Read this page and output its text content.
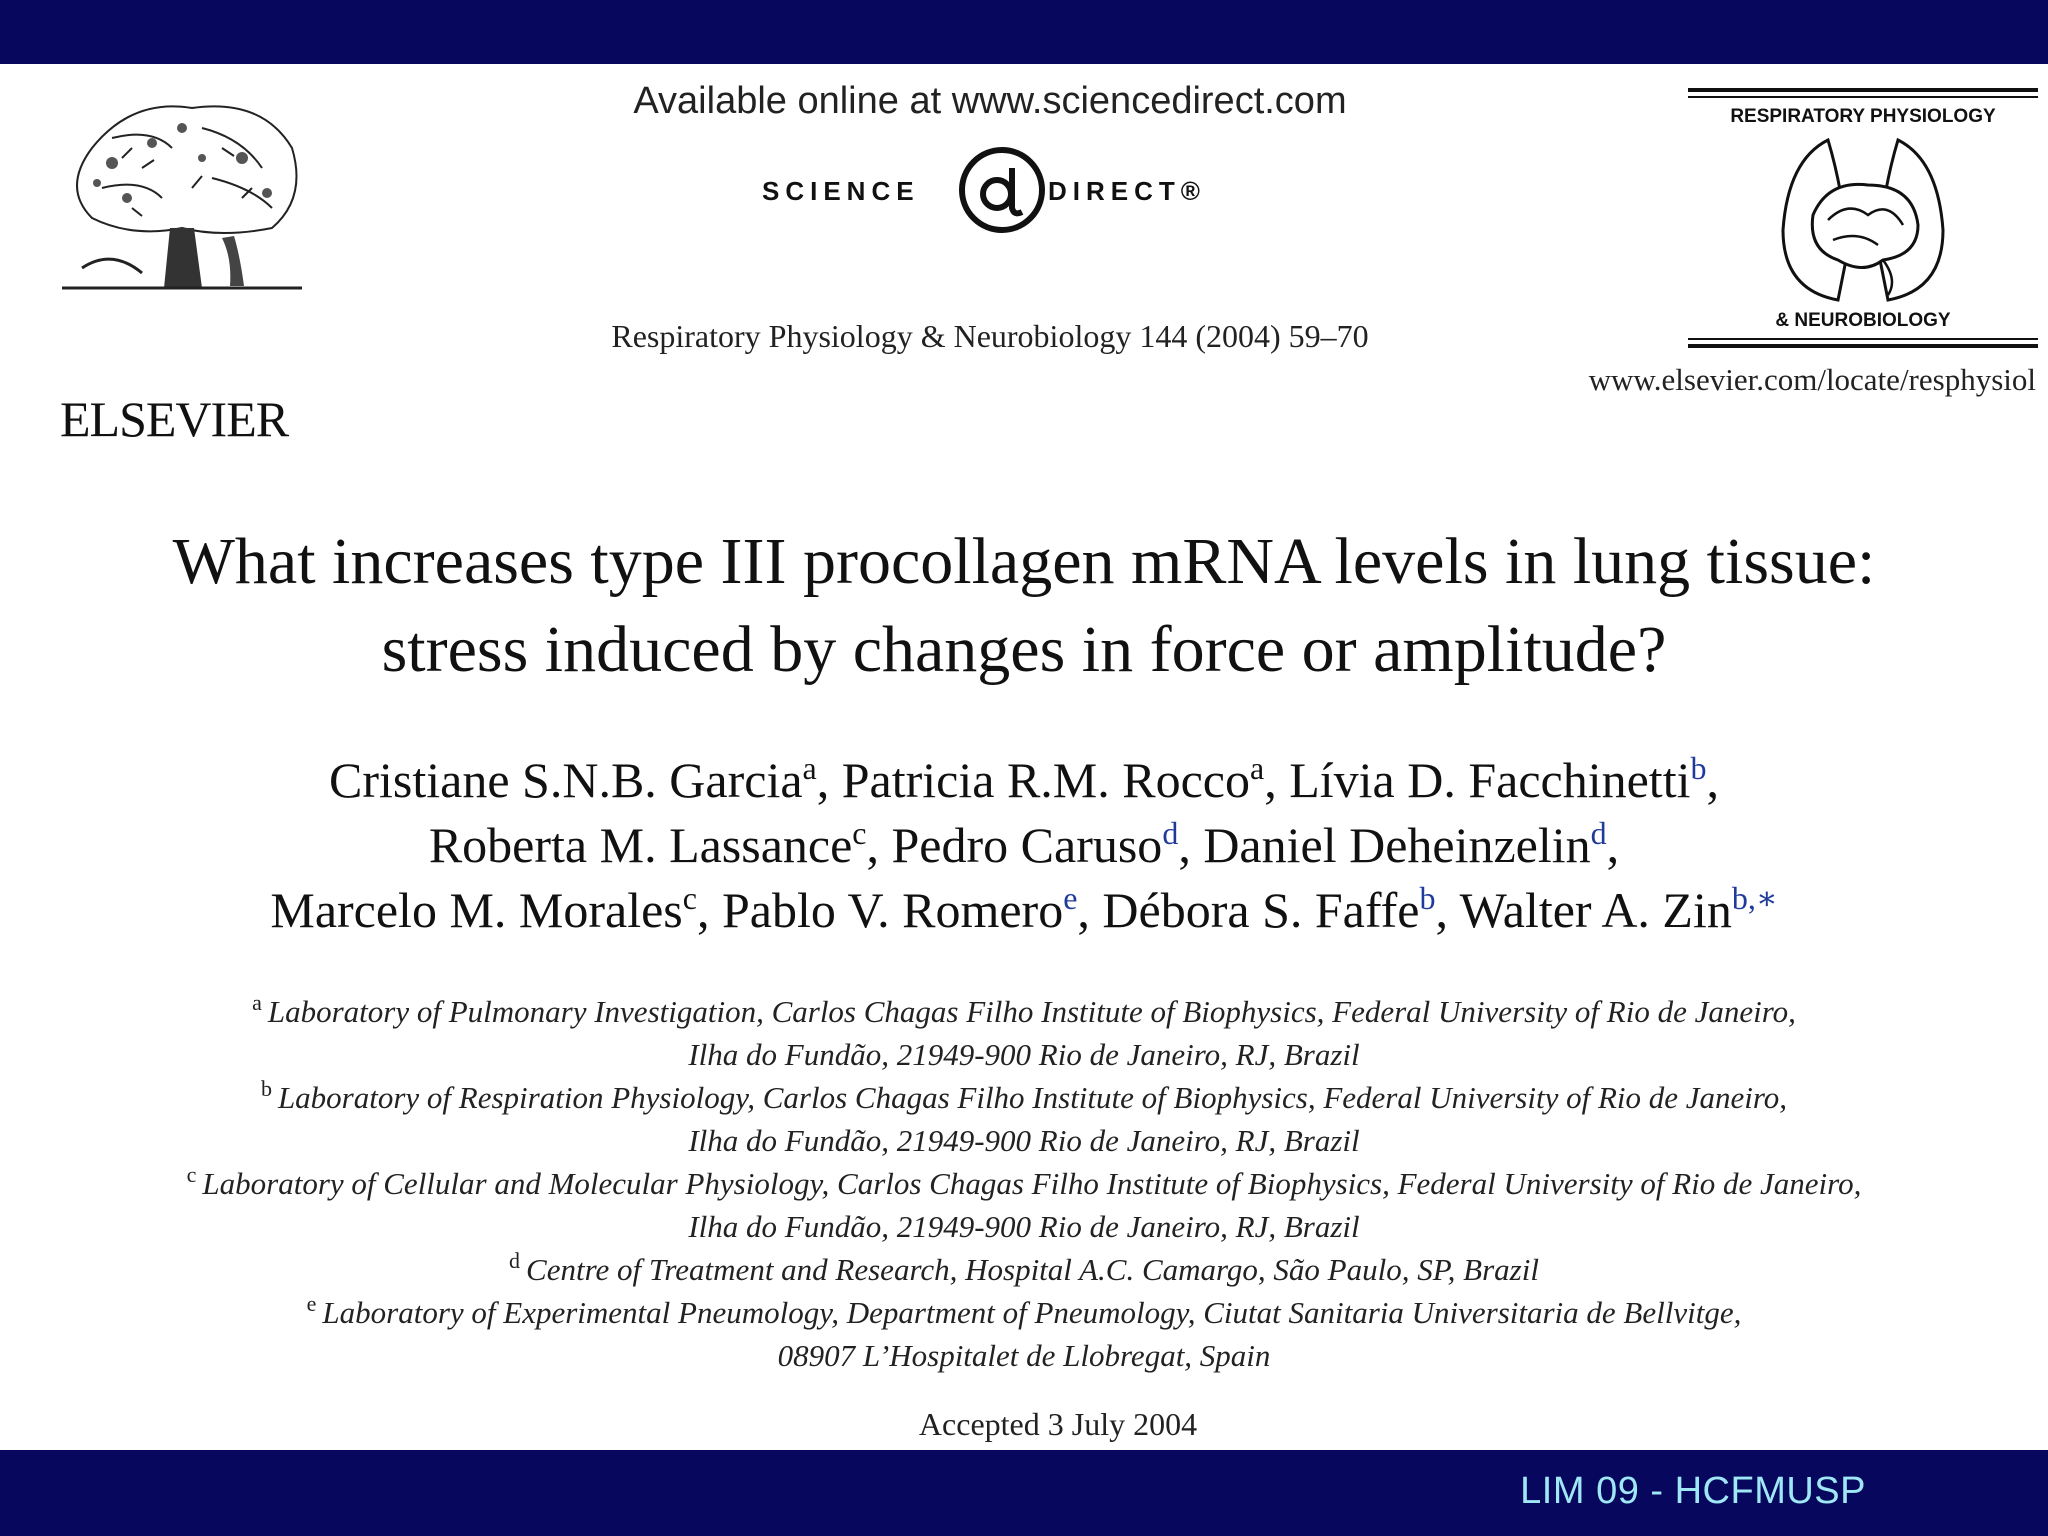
ELSEVIER
Available online at www.sciencedirect.com
SCIENCE	DIRECT®
Respiratory Physiology & Neurobiology 144 (2004) 59–70
RESPIRATORY PHYSIOLOGY
& NEUROBIOLOGY
www.elsevier.com/locate/resphysiol
What increases type III procollagen mRNA levels in lung tissue:
stress induced by changes in force or amplitude?
Cristiane S.N.B. Garcia$^a$, Patricia R.M. Rocco$^a$, Lívia D. Facchinetti$^b$,
Roberta M. Lassance$^c$, Pedro Caruso$^d$, Daniel Deheinzelin$^d$,
Marcelo M. Morales$^c$, Pablo V. Romero$^e$, Débora S. Faffe$^b$, Walter A. Zin$^{b,∗}$
$^a$ Laboratory of Pulmonary Investigation, Carlos Chagas Filho Institute of Biophysics, Federal University of Rio de Janeiro,
Ilha do Fundão, 21949-900 Rio de Janeiro, RJ, Brazil
$^b$ Laboratory of Respiration Physiology, Carlos Chagas Filho Institute of Biophysics, Federal University of Rio de Janeiro,
Ilha do Fundão, 21949-900 Rio de Janeiro, RJ, Brazil
$^c$ Laboratory of Cellular and Molecular Physiology, Carlos Chagas Filho Institute of Biophysics, Federal University of Rio de Janeiro,
Ilha do Fundão, 21949-900 Rio de Janeiro, RJ, Brazil
$^d$ Centre of Treatment and Research, Hospital A.C. Camargo, São Paulo, SP, Brazil
$^e$ Laboratory of Experimental Pneumology, Department of Pneumology, Ciutat Sanitaria Universitaria de Bellvitge,
08907 L’Hospitalet de Llobregat, Spain
Accepted 3 July 2004
LIM 09 - HCFMUSP
